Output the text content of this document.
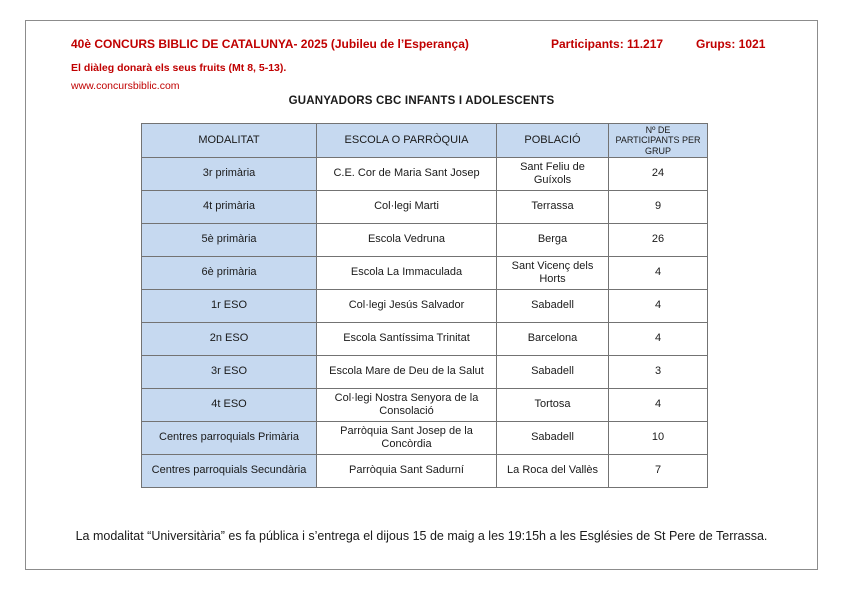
40è CONCURS BIBLIC DE CATALUNYA- 2025 (Jubileu de l’Esperança)	Participants: 11.217	Grups: 1021
El diàleg donarà els seus fruits (Mt 8, 5-13).
www.concursbiblic.com
GUANYADORS CBC INFANTS I ADOLESCENTS
MODALITAT	ESCOLA O PARRÒQUIA	POBLACIÓ	Nº DE PARTICIPANTS PER GRUP
3r primària	C.E. Cor de Maria Sant Josep	Sant Feliu de Guíxols	24
4t primària	Col·legi Marti	Terrassa	9
5è primària	Escola Vedruna	Berga	26
6è primària	Escola La Immaculada	Sant Vicenç dels Horts	4
1r ESO	Col·legi Jesús Salvador	Sabadell	4
2n ESO	Escola Santíssima Trinitat	Barcelona	4
3r ESO	Escola Mare de Deu de la Salut	Sabadell	3
4t ESO	Col·legi Nostra Senyora de la Consolació	Tortosa	4
Centres parroquials Primària	Parròquia Sant Josep de la Concòrdia	Sabadell	10
Centres parroquials Secundària	Parròquia Sant Sadurní	La Roca del Vallès	7
La modalitat “Universitària” es fa pública i s’entrega el dijous 15 de maig a les 19:15h a les Esglésies de St Pere de Terrassa.
